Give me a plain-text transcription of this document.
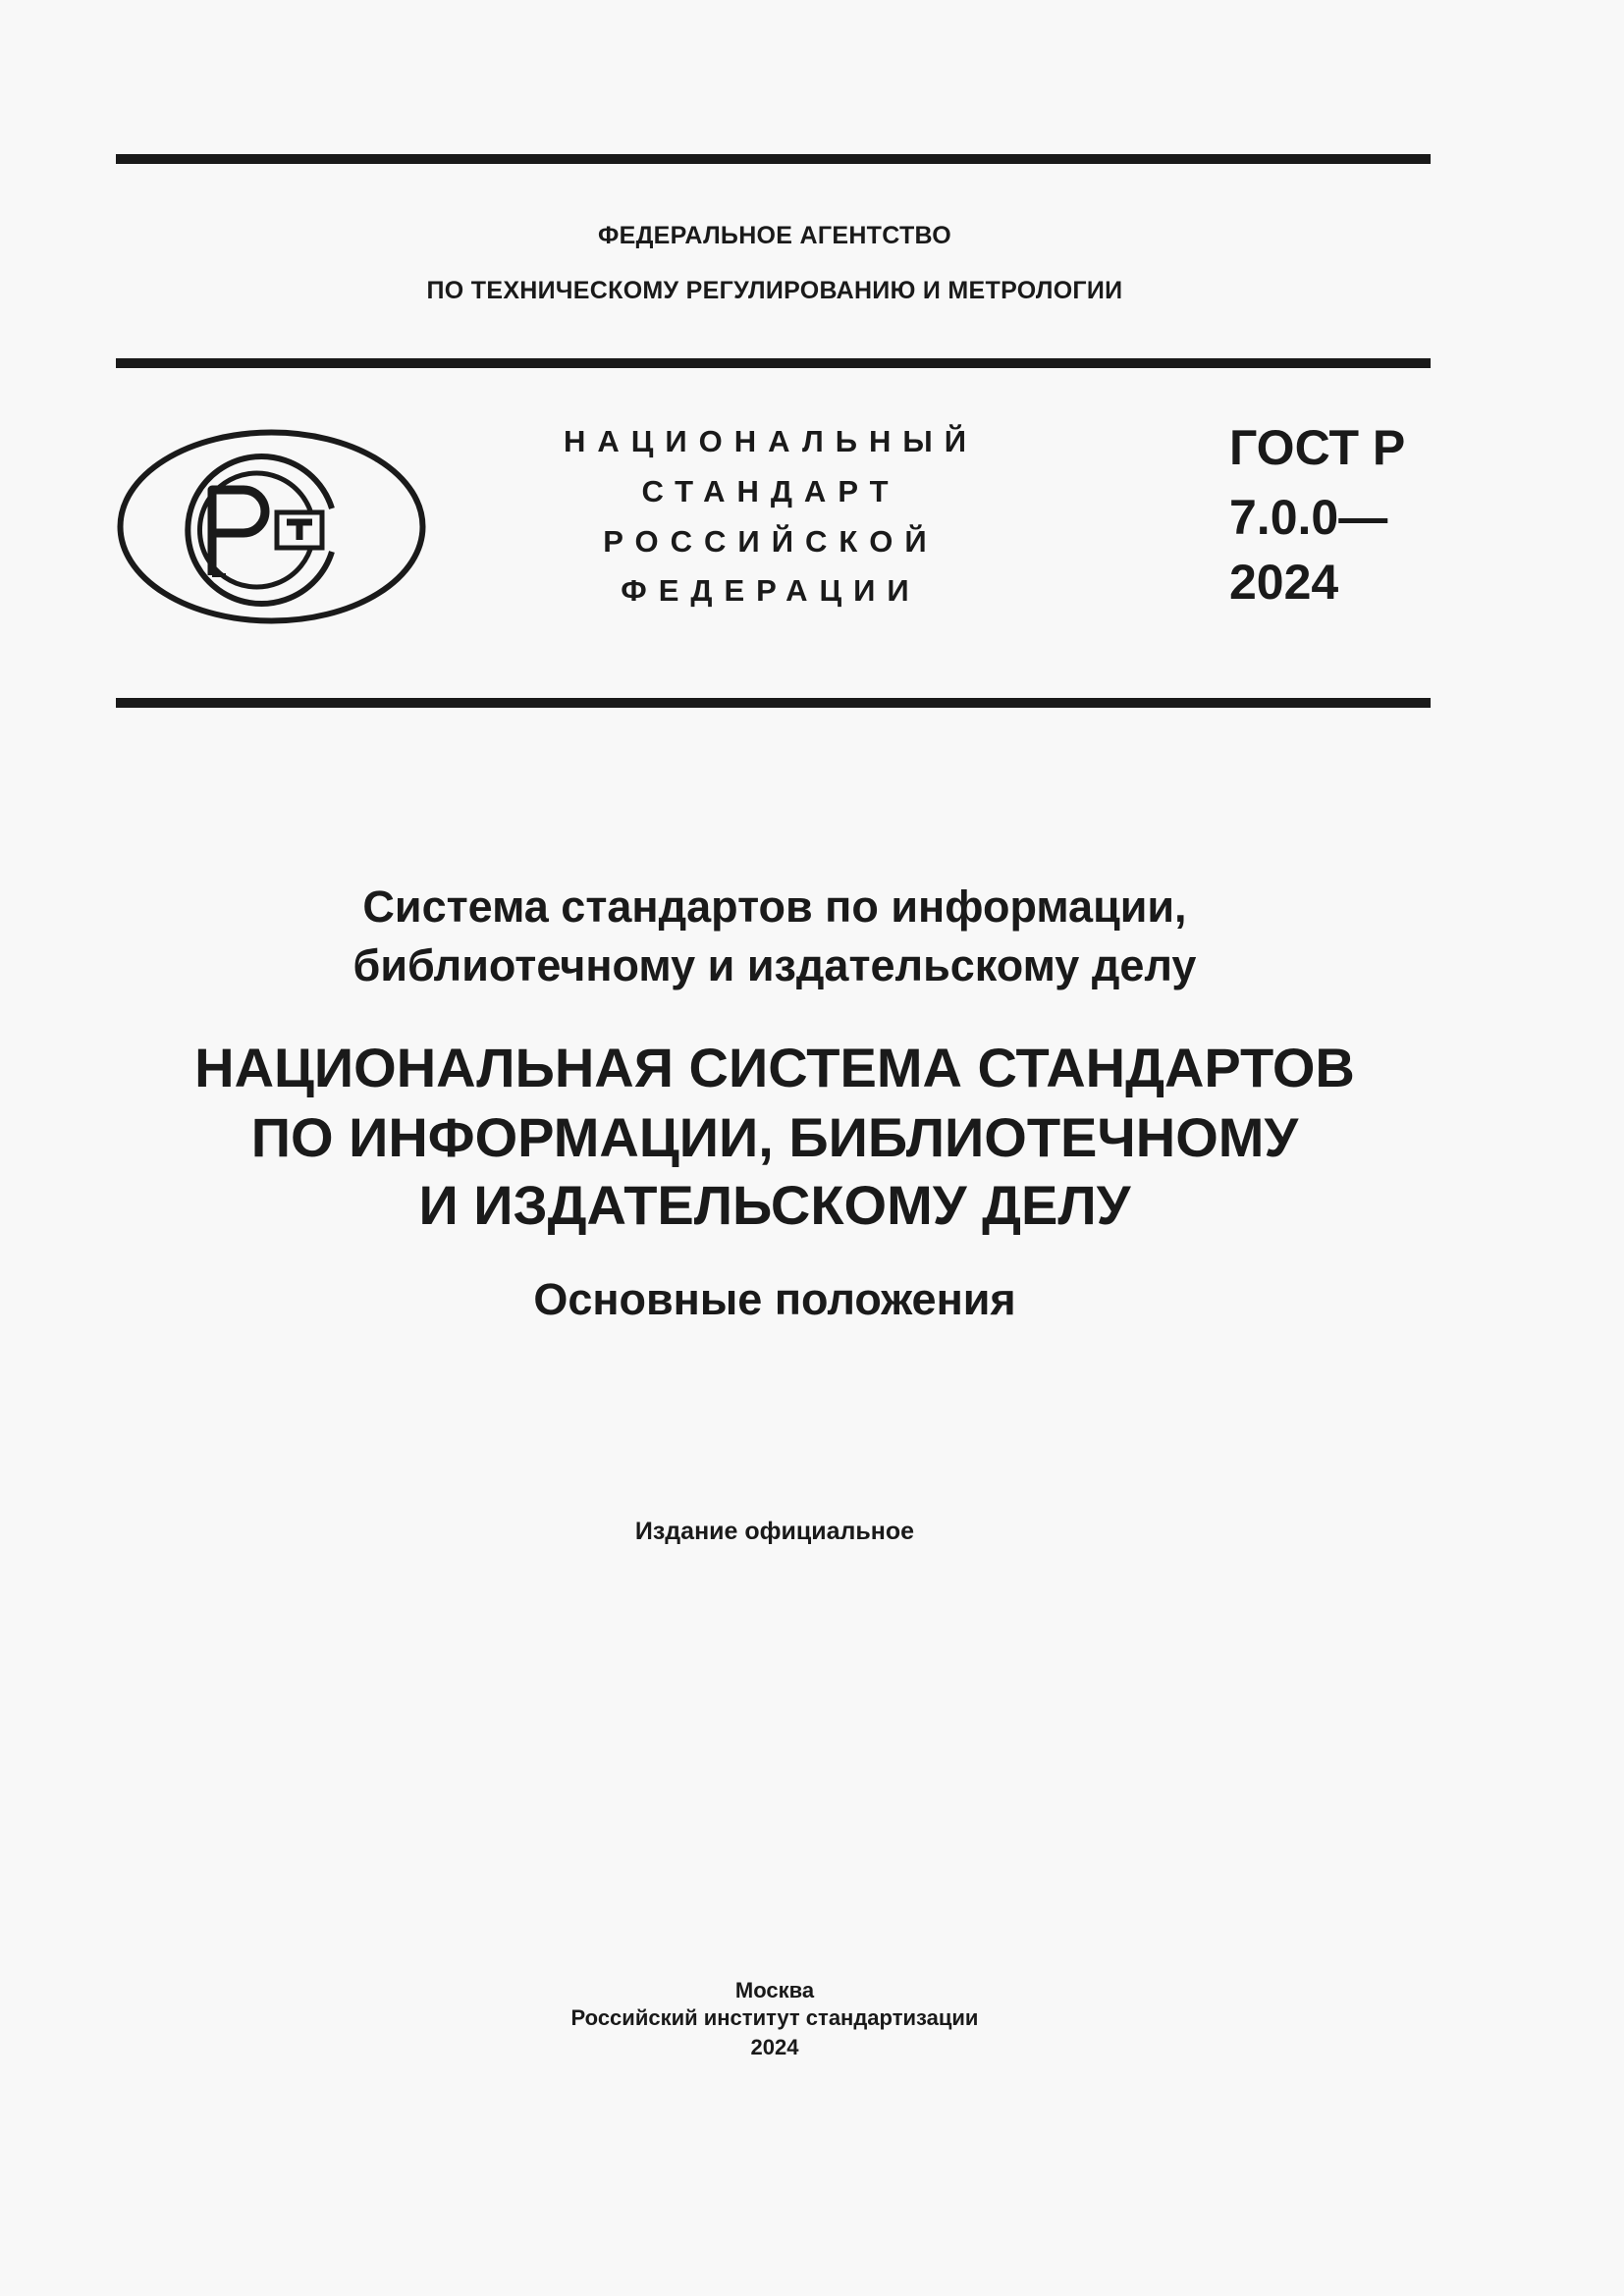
ФЕДЕРАЛЬНОЕ АГЕНТСТВО
ПО ТЕХНИЧЕСКОМУ РЕГУЛИРОВАНИЮ И МЕТРОЛОГИИ
НАЦИОНАЛЬНЫЙ
СТАНДАРТ
РОССИЙСКОЙ
ФЕДЕРАЦИИ
ГОСТ Р
7.0.0—
2024
Система стандартов по информации,
библиотечному и издательскому делу
НАЦИОНАЛЬНАЯ СИСТЕМА СТАНДАРТОВ
ПО ИНФОРМАЦИИ, БИБЛИОТЕЧНОМУ
И ИЗДАТЕЛЬСКОМУ ДЕЛУ
Основные положения
Издание официальное
Москва
Российский институт стандартизации
2024
